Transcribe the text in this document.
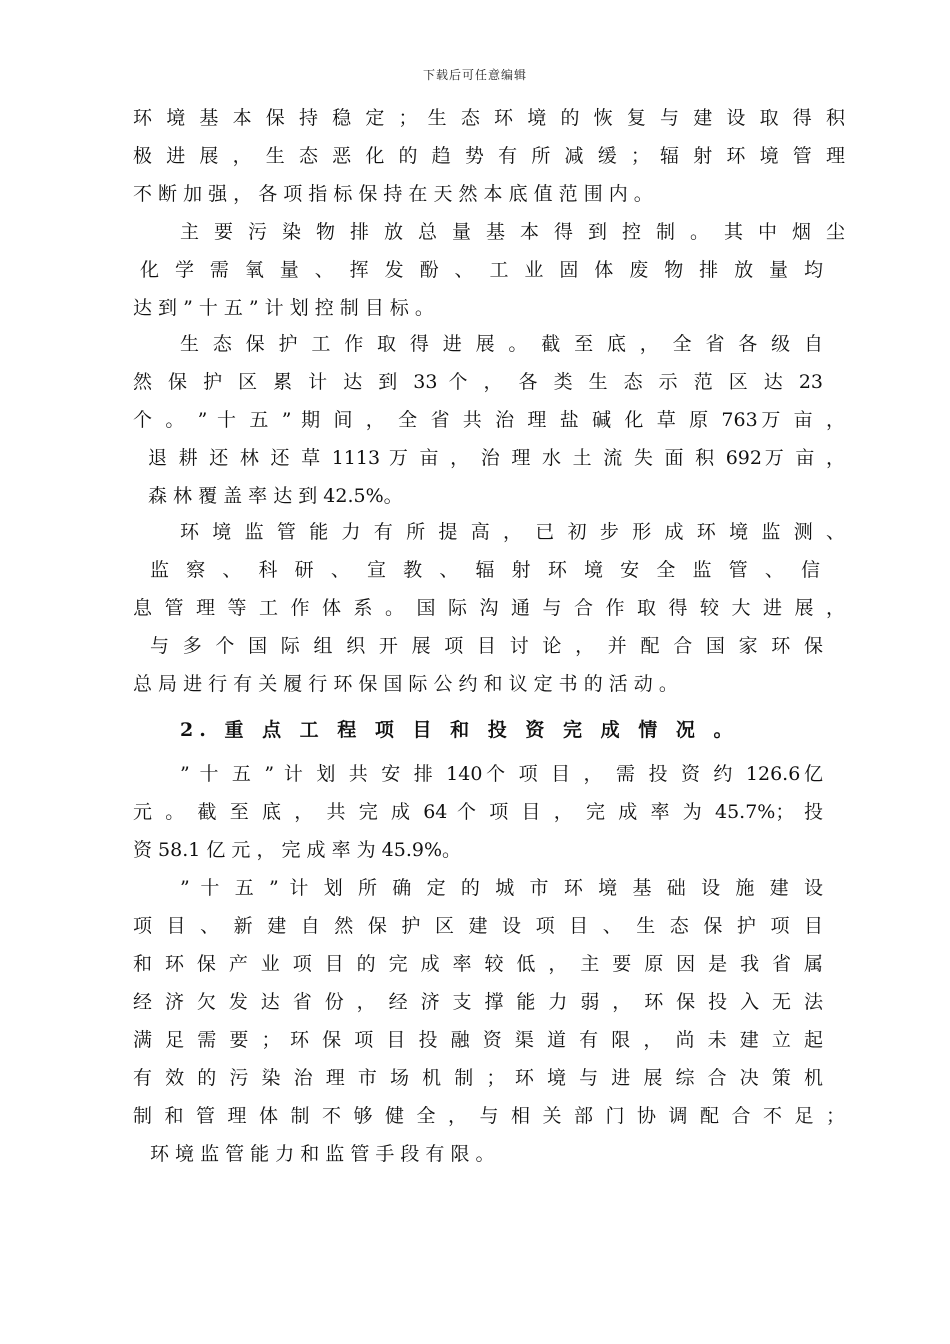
下载后可任意编辑
环 境 基 本 保 持 稳 定 ； 生 态 环 境 的 恢 复 与 建 设 取 得 积
极 进 展 ， 生 态 恶 化 的 趋 势 有 所 减 缓 ； 辐 射 环 境 管 理
不 断 加 强 ， 各 项 指 标 保 持 在 天 然 本 底 值 范 围 内 。
主 要 污 染 物 排 放 总 量 基 本 得 到 控 制 。 其 中 烟 尘
化 学 需 氧 量 、 挥 发 酚 、 工 业 固 体 废 物 排 放 量 均
达 到 ” 十 五 ” 计 划 控 制 目 标 。
生 态 保 护 工 作 取 得 进 展 。 截 至 底 ， 全 省 各 级 自
然 保 护 区 累 计 达 到 33 个 ， 各 类 生 态 示 范 区 达 23
个 。 ” 十 五 ” 期 间 ， 全 省 共 治 理 盐 碱 化 草 原 763万 亩 ，
退 耕 还 林 还 草 1113 万 亩 ， 治 理 水 土 流 失 面 积 692万 亩 ，
森 林 覆 盖 率 达 到 42.5%。
环 境 监 管 能 力 有 所 提 高 ， 已 初 步 形 成 环 境 监 测 、
监 察 、 科 研 、 宣 教 、 辐 射 环 境 安 全 监 管 、 信
息 管 理 等 工 作 体 系 。 国 际 沟 通 与 合 作 取 得 较 大 进 展 ，
与 多 个 国 际 组 织 开 展 项 目 讨 论 ， 并 配 合 国 家 环 保
总 局 进 行 有 关 履 行 环 保 国 际 公 约 和 议 定 书 的 活 动 。
2. 重 点 工 程 项 目 和 投 资 完 成 情 况 。
” 十 五 ” 计 划 共 安 排 140个 项 目 ， 需 投 资 约 126.6亿
元 。 截 至 底 ， 共 完 成 64 个 项 目 ， 完 成 率 为 45.7%； 投
资 58.1 亿 元 ， 完 成 率 为 45.9%。
” 十 五 ” 计 划 所 确 定 的 城 市 环 境 基 础 设 施 建 设
项 目 、 新 建 自 然 保 护 区 建 设 项 目 、 生 态 保 护 项 目
和 环 保 产 业 项 目 的 完 成 率 较 低 ， 主 要 原 因 是 我 省 属
经 济 欠 发 达 省 份 ， 经 济 支 撑 能 力 弱 ， 环 保 投 入 无 法
满 足 需 要 ； 环 保 项 目 投 融 资 渠 道 有 限 ， 尚 未 建 立 起
有 效 的 污 染 治 理 市 场 机 制 ； 环 境 与 进 展 综 合 决 策 机
制 和 管 理 体 制 不 够 健 全 ， 与 相 关 部 门 协 调 配 合 不 足 ；
环 境 监 管 能 力 和 监 管 手 段 有 限 。
